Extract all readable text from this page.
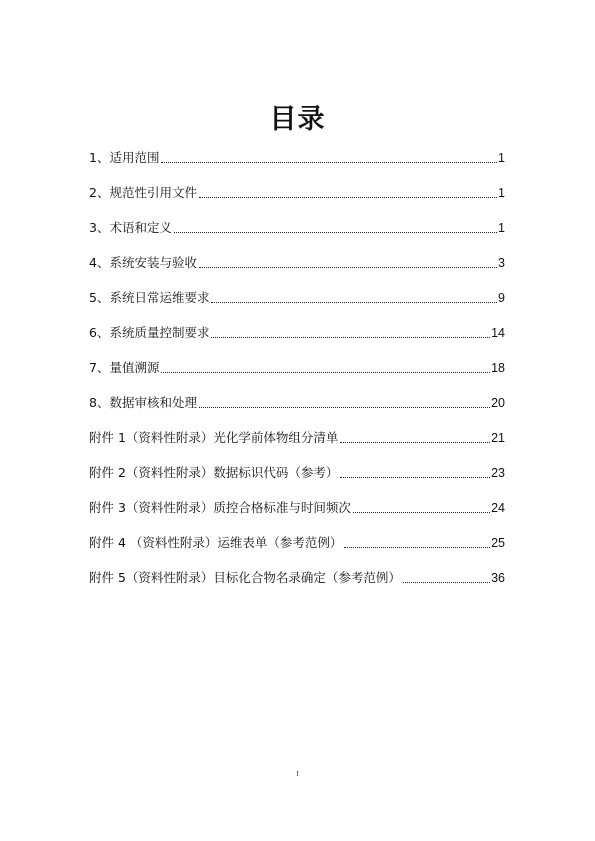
目录
1、适用范围	1
2、规范性引用文件	1
3、术语和定义	1
4、系统安装与验收	3
5、系统日常运维要求	9
6、系统质量控制要求	14
7、量值溯源	18
8、数据审核和处理	20
附件 1（资料性附录）光化学前体物组分清单	21
附件 2（资料性附录）数据标识代码（参考）	23
附件 3（资料性附录）质控合格标准与时间频次	24
附件 4 （资料性附录）运维表单（参考范例）	25
附件 5（资料性附录）目标化合物名录确定（参考范例）	36
I
